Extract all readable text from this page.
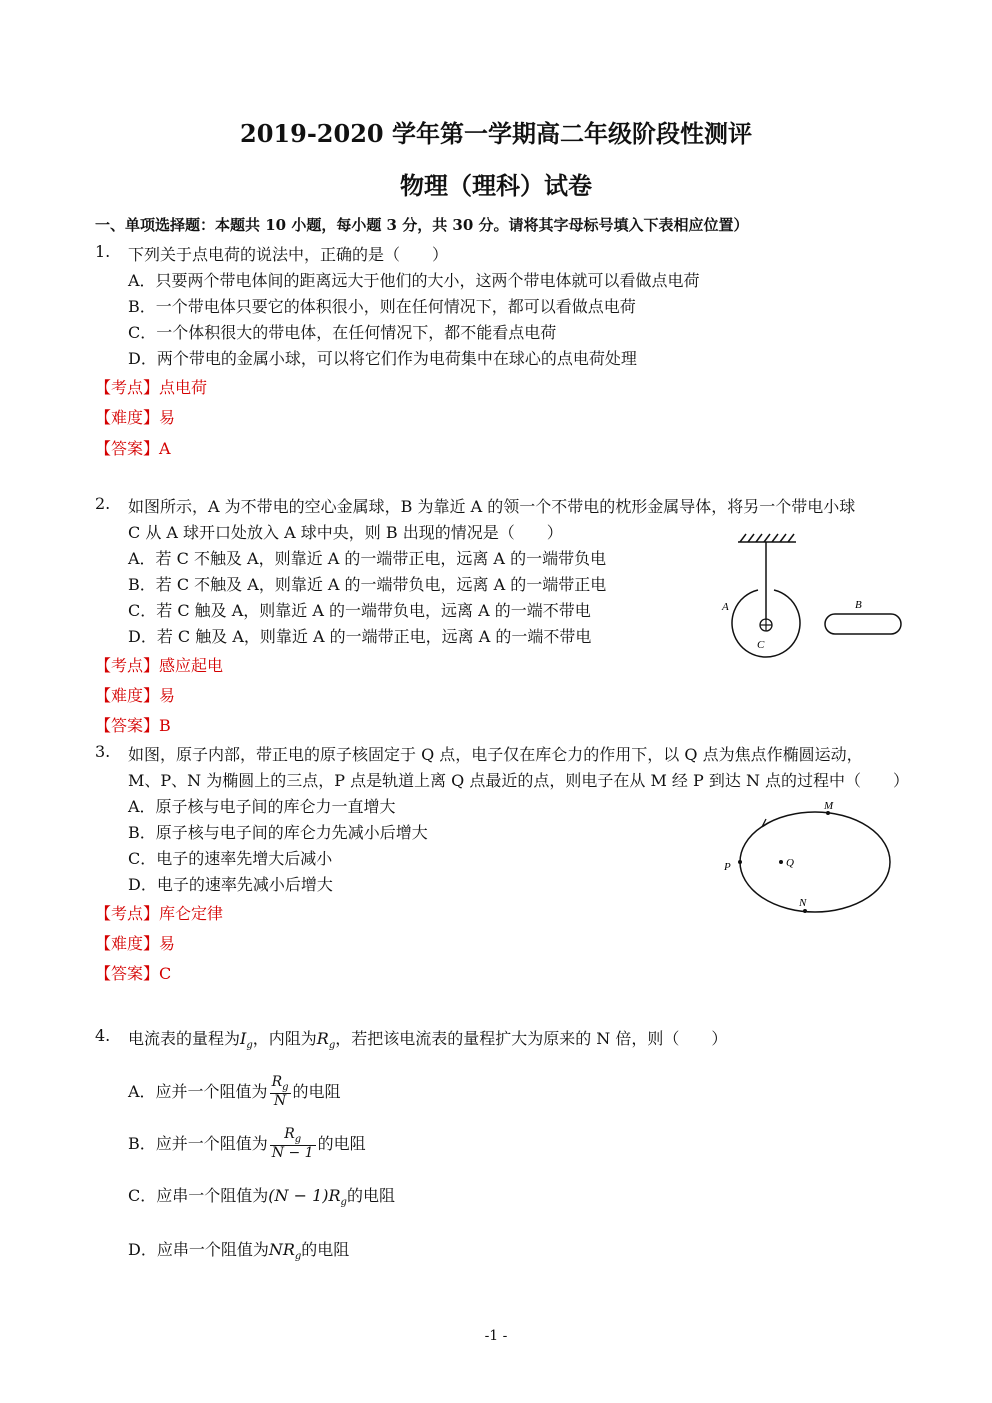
2019-2020 学年第一学期高二年级阶段性测评
物理（理科）试卷
一、单项选择题：本题共 10 小题，每小题 3 分，共 30 分。请将其字母标号填入下表相应位置）
1. 下列关于点电荷的说法中，正确的是（　　）
A．只要两个带电体间的距离远大于他们的大小，这两个带电体就可以看做点电荷
B．一个带电体只要它的体积很小，则在任何情况下，都可以看做点电荷
C．一个体积很大的带电体，在任何情况下，都不能看点电荷
D．两个带电的金属小球，可以将它们作为电荷集中在球心的点电荷处理
【考点】点电荷
【难度】易
【答案】A
2. 如图所示，A 为不带电的空心金属球，B 为靠近 A 的领一个不带电的枕形金属导体，将另一个带电小球
C 从 A 球开口处放入 A 球中央，则 B 出现的情况是（　　）
A．若 C 不触及 A，则靠近 A 的一端带正电，远离 A 的一端带负电
B．若 C 不触及 A，则靠近 A 的一端带负电，远离 A 的一端带正电
C．若 C 触及 A，则靠近 A 的一端带负电，远离 A 的一端不带电
D．若 C 触及 A，则靠近 A 的一端带正电，远离 A 的一端不带电
A	B
C
【考点】感应起电
【难度】易
【答案】B
3. 如图，原子内部，带正电的原子核固定于 Q 点，电子仅在库仑力的作用下，以 Q 点为焦点作椭圆运动，
M、P、N 为椭圆上的三点，P 点是轨道上离 Q 点最近的点，则电子在从 M 经 P 到达 N 点的过程中（　　）
A．原子核与电子间的库仑力一直增大
B．原子核与电子间的库仑力先减小后增大
C．电子的速率先增大后减小
D．电子的速率先减小后增大
M
P	Q
N
【考点】库仑定律
【难度】易
【答案】C
4. 电流表的量程为$I_g$，内阻为$R_g$，若把该电流表的量程扩大为原来的 N 倍，则（　　）
A．应并一个阻值为 $\frac{R_g}{N}$ 的电阻
B．应并一个阻值为 $\frac{R_g}{N - 1}$ 的电阻
C．应串一个阻值为$(N - 1)R_g$的电阻
D．应串一个阻值为$NR_g$的电阻
-1 -
